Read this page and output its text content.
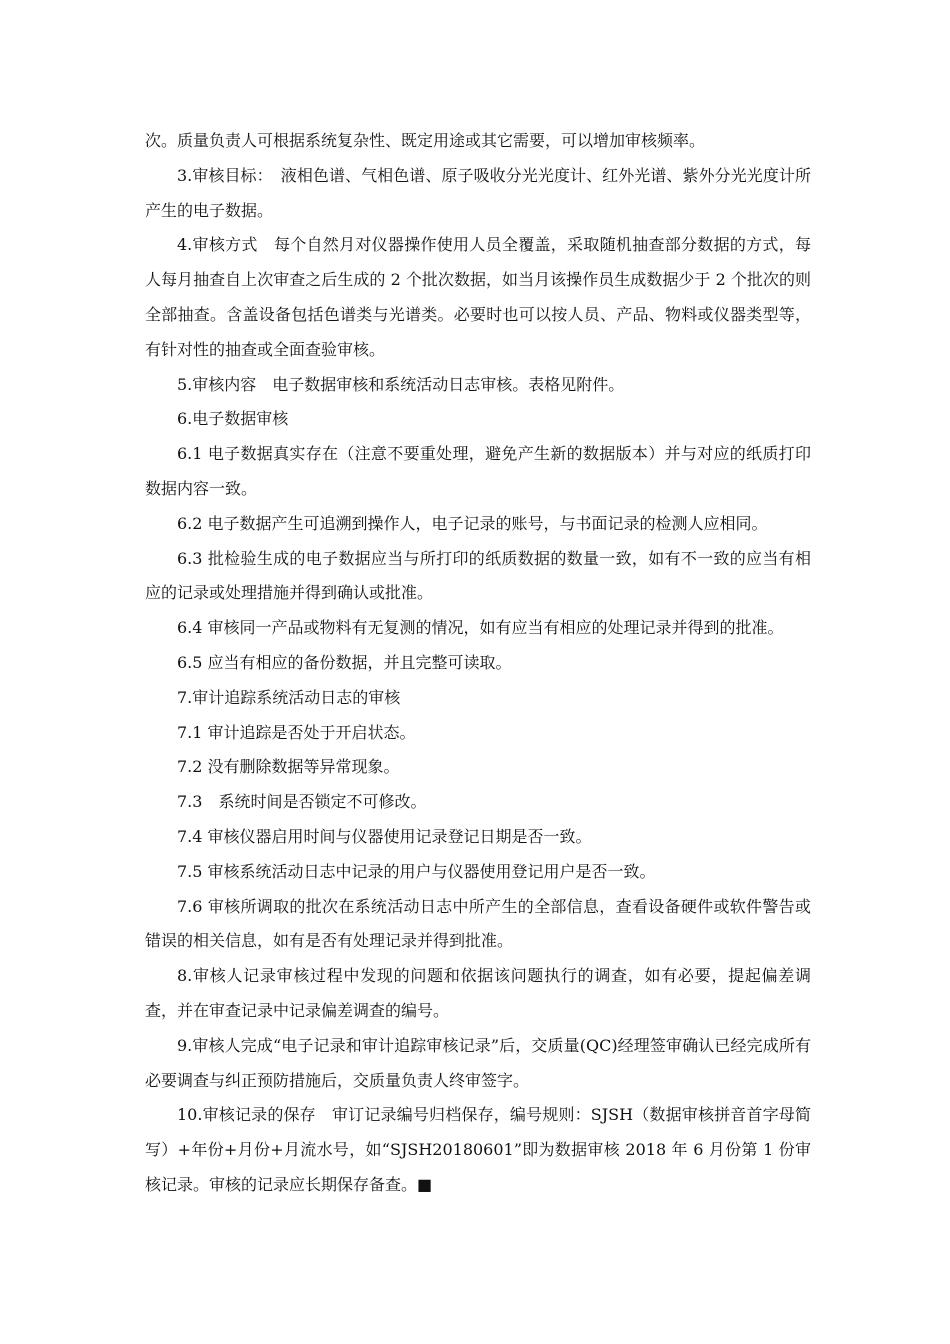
次。质量负责人可根据系统复杂性、既定用途或其它需要，可以增加审核频率。

3.审核目标：　液相色谱、气相色谱、原子吸收分光光度计、红外光谱、紫外分光光度计所产生的电子数据。

4.审核方式　每个自然月对仪器操作使用人员全覆盖，采取随机抽查部分数据的方式，每人每月抽查自上次审查之后生成的 2 个批次数据，如当月该操作员生成数据少于 2 个批次的则全部抽查。含盖设备包括色谱类与光谱类。必要时也可以按人员、产品、物料或仪器类型等，有针对性的抽查或全面查验审核。

5.审核内容　电子数据审核和系统活动日志审核。表格见附件。

6.电子数据审核

6.1 电子数据真实存在（注意不要重处理，避免产生新的数据版本）并与对应的纸质打印数据内容一致。

6.2 电子数据产生可追溯到操作人，电子记录的账号，与书面记录的检测人应相同。

6.3 批检验生成的电子数据应当与所打印的纸质数据的数量一致，如有不一致的应当有相应的记录或处理措施并得到确认或批准。

6.4 审核同一产品或物料有无复测的情况，如有应当有相应的处理记录并得到的批准。

6.5 应当有相应的备份数据，并且完整可读取。

7.审计追踪系统活动日志的审核

7.1 审计追踪是否处于开启状态。

7.2 没有删除数据等异常现象。

7.3　系统时间是否锁定不可修改。

7.4 审核仪器启用时间与仪器使用记录登记日期是否一致。

7.5 审核系统活动日志中记录的用户与仪器使用登记用户是否一致。

7.6 审核所调取的批次在系统活动日志中所产生的全部信息，查看设备硬件或软件警告或错误的相关信息，如有是否有处理记录并得到批准。

8.审核人记录审核过程中发现的问题和依据该问题执行的调查，如有必要，提起偏差调查，并在审查记录中记录偏差调查的编号。

9.审核人完成“电子记录和审计追踪审核记录”后，交质量(QC)经理签审确认已经完成所有必要调查与纠正预防措施后，交质量负责人终审签字。

10.审核记录的保存　审订记录编号归档保存，编号规则：SJSH（数据审核拼音首字母简写）+年份+月份+月流水号，如“SJSH20180601”即为数据审核 2018 年 6 月份第 1 份审核记录。审核的记录应长期保存备查。■
